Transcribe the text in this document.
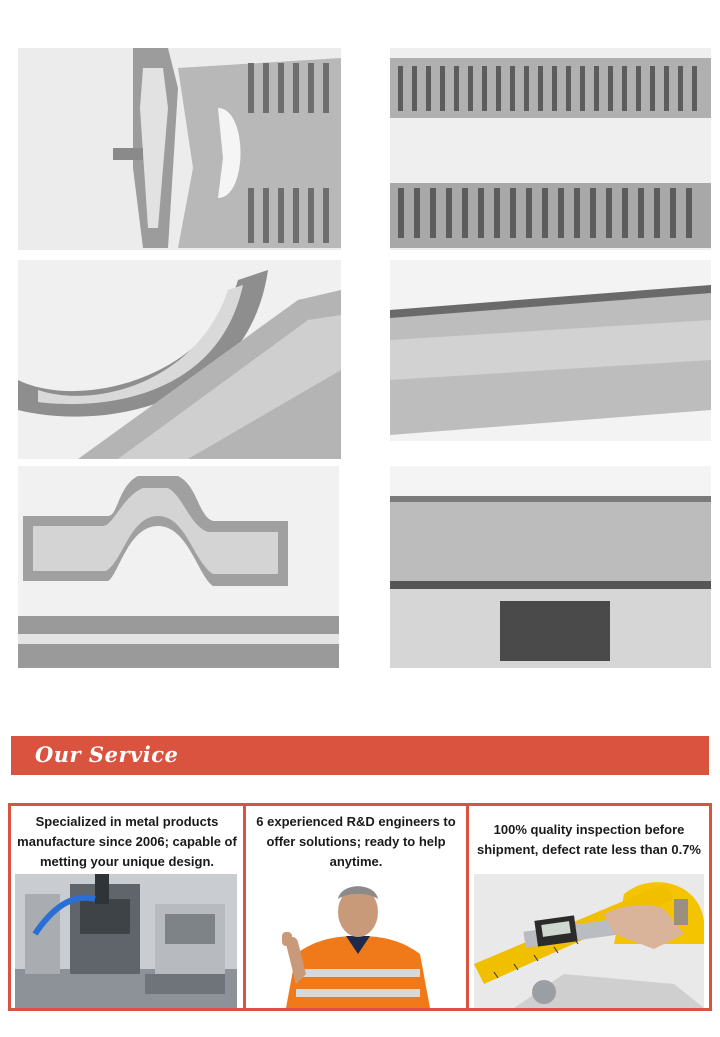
Our Service
Specialized in metal products manufacture since 2006; capable of metting your unique design.
6 experienced R&D engineers to offer solutions; ready to help anytime.
100% quality inspection before shipment, defect rate less than 0.7%
